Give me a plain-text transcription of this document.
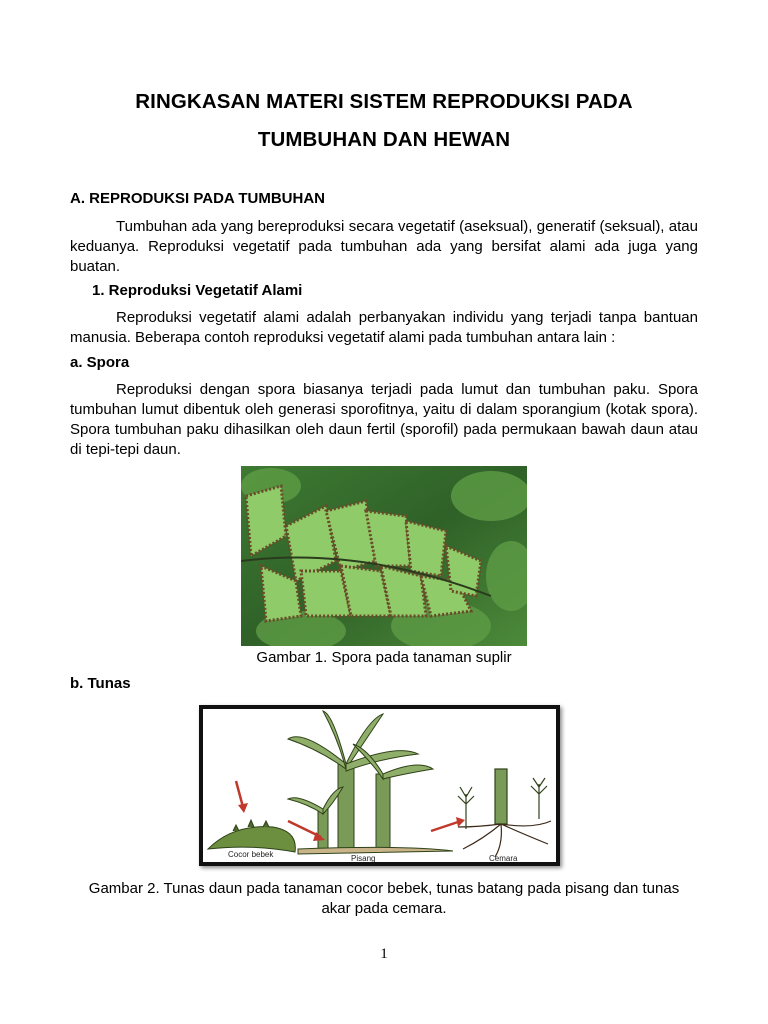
RINGKASAN MATERI SISTEM REPRODUKSI PADA
TUMBUHAN DAN HEWAN
A. REPRODUKSI PADA TUMBUHAN
Tumbuhan ada yang bereproduksi secara vegetatif (aseksual), generatif (seksual), atau keduanya. Reproduksi vegetatif pada tumbuhan ada yang bersifat alami ada juga yang buatan.
1. Reproduksi Vegetatif Alami
Reproduksi vegetatif alami adalah perbanyakan individu yang terjadi tanpa bantuan manusia. Beberapa contoh reproduksi vegetatif alami pada tumbuhan antara lain :
a. Spora
Reproduksi dengan spora biasanya terjadi pada lumut dan tumbuhan paku. Spora tumbuhan lumut dibentuk oleh generasi sporofitnya, yaitu di dalam sporangium (kotak spora). Spora tumbuhan paku dihasilkan oleh daun fertil (sporofil) pada permukaan bawah daun atau di tepi-tepi daun.
Gambar 1. Spora pada tanaman suplir
b. Tunas
Cocor bebek	Pisang	Cemara
Gambar 2. Tunas daun pada tanaman cocor bebek, tunas batang pada pisang dan tunas
akar pada cemara.
1
